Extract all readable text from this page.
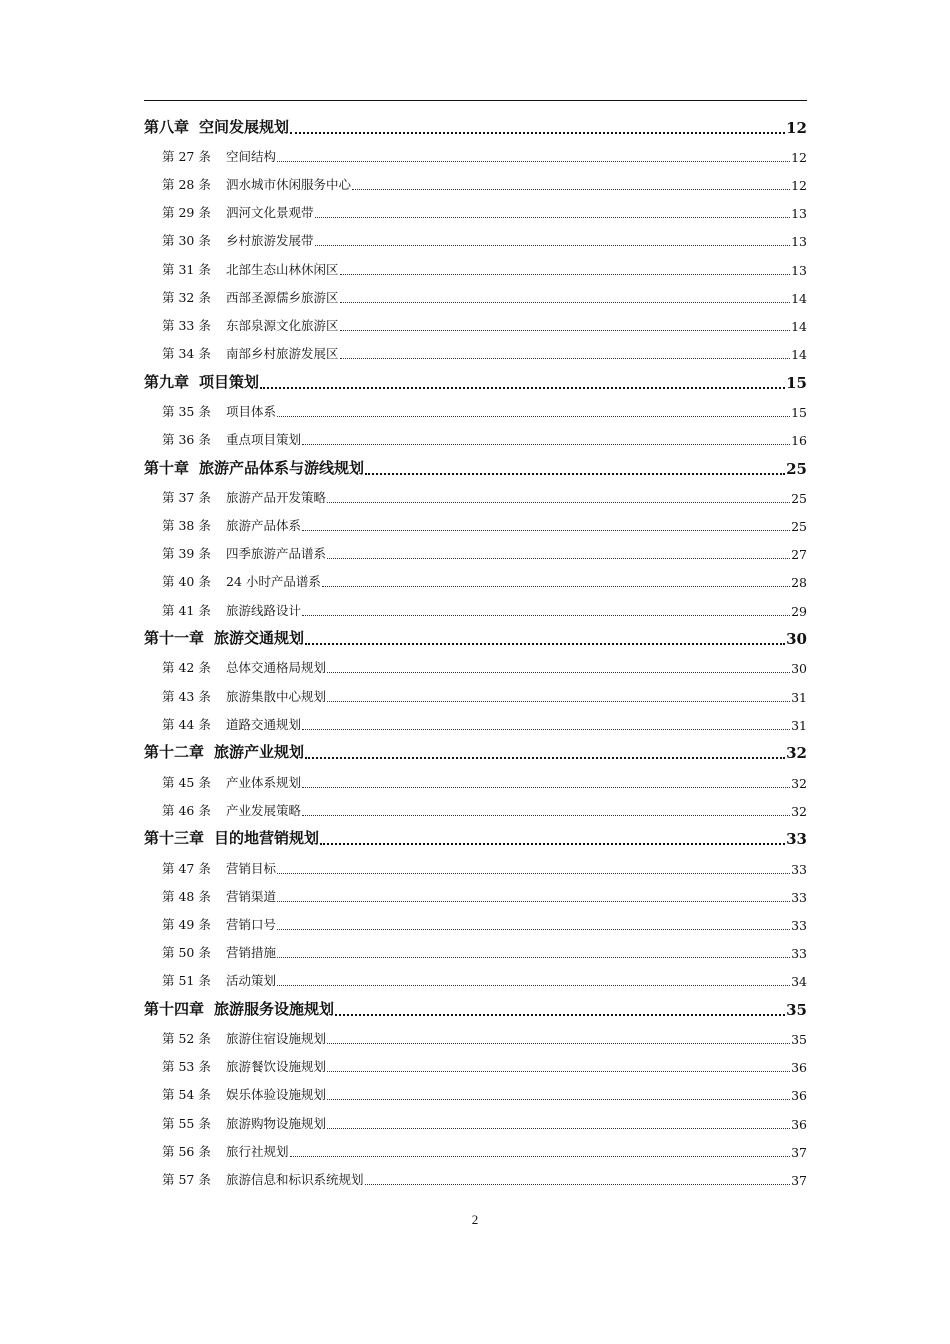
第八章 空间发展规划	12
第 27 条	空间结构	12
第 28 条	泗水城市休闲服务中心	12
第 29 条	泗河文化景观带	13
第 30 条	乡村旅游发展带	13
第 31 条	北部生态山林休闲区	13
第 32 条	西部圣源儒乡旅游区	14
第 33 条	东部泉源文化旅游区	14
第 34 条	南部乡村旅游发展区	14
第九章 项目策划	15
第 35 条	项目体系	15
第 36 条	重点项目策划	16
第十章 旅游产品体系与游线规划	25
第 37 条	旅游产品开发策略	25
第 38 条	旅游产品体系	25
第 39 条	四季旅游产品谱系	27
第 40 条	24 小时产品谱系	28
第 41 条	旅游线路设计	29
第十一章 旅游交通规划	30
第 42 条	总体交通格局规划	30
第 43 条	旅游集散中心规划	31
第 44 条	道路交通规划	31
第十二章 旅游产业规划	32
第 45 条	产业体系规划	32
第 46 条	产业发展策略	32
第十三章 目的地营销规划	33
第 47 条	营销目标	33
第 48 条	营销渠道	33
第 49 条	营销口号	33
第 50 条	营销措施	33
第 51 条	活动策划	34
第十四章 旅游服务设施规划	35
第 52 条	旅游住宿设施规划	35
第 53 条	旅游餐饮设施规划	36
第 54 条	娱乐体验设施规划	36
第 55 条	旅游购物设施规划	36
第 56 条	旅行社规划	37
第 57 条	旅游信息和标识系统规划	37
2
